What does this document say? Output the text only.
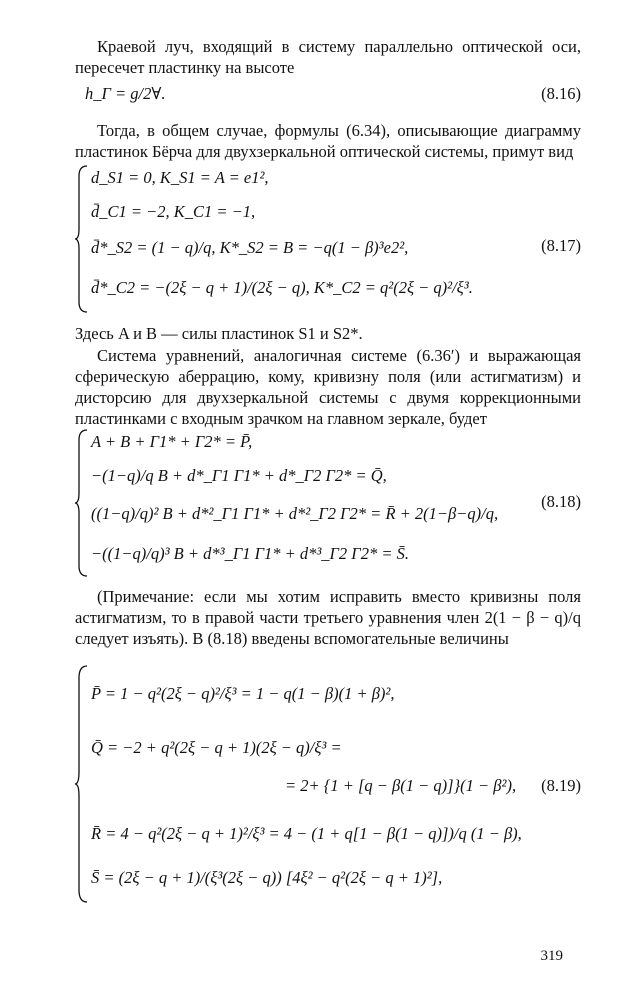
Краевой луч, входящий в систему параллельно оптической оси, пересечет пластинку на высоте
h_Г = g/2∀.	(8.16)
Тогда, в общем случае, формулы (6.34), описывающие диаграмму пластинок Бёрча для двухзеркальной оптической системы, примут вид
d_S1 = 0, K_S1 = A = e1²,
d̄_C1 = −2, K_C1 = −1,
d̄*_S2 = (1 − q)/q, K*_S2 = B = −q(1 − β)³e2²,
d̄*_C2 = −(2ξ − q + 1)/(2ξ − q), K*_C2 = q²(2ξ − q)²/ξ³.
(8.17)
Здесь A и B — силы пластинок S1 и S2*.
Система уравнений, аналогичная системе (6.36′) и выражающая сферическую аберрацию, кому, кривизну поля (или астигматизм) и дисторсию для двухзеркальной системы с двумя коррекционными пластинками с входным зрачком на главном зеркале, будет
A + B + Г1* + Г2* = P̄,
−(1−q)/q B + d*_Г1 Г1* + d*_Г2 Г2* = Q̄,
((1−q)/q)² B + d*²_Г1 Г1* + d*²_Г2 Г2* = R̄ + 2(1−β−q)/q,
−((1−q)/q)³ B + d*³_Г1 Г1* + d*³_Г2 Г2* = S̄.
(8.18)
(Примечание: если мы хотим исправить вместо кривизны поля астигматизм, то в правой части третьего уравнения член 2(1 − β − q)/q следует изъять). В (8.18) введены вспомогательные величины
P̄ = 1 − q²(2ξ − q)²/ξ³ = 1 − q(1 − β)(1 + β)²,
Q̄ = −2 + q²(2ξ − q + 1)(2ξ − q)/ξ³ =
= 2+ {1 + [q − β(1 − q)]}(1 − β²),
R̄ = 4 − q²(2ξ − q + 1)²/ξ³ = 4 − (1 + q[1 − β(1 − q)])/q (1 − β),
S̄ = (2ξ − q + 1)/(ξ³(2ξ − q)) [4ξ² − q²(2ξ − q + 1)²],
(8.19)
319
